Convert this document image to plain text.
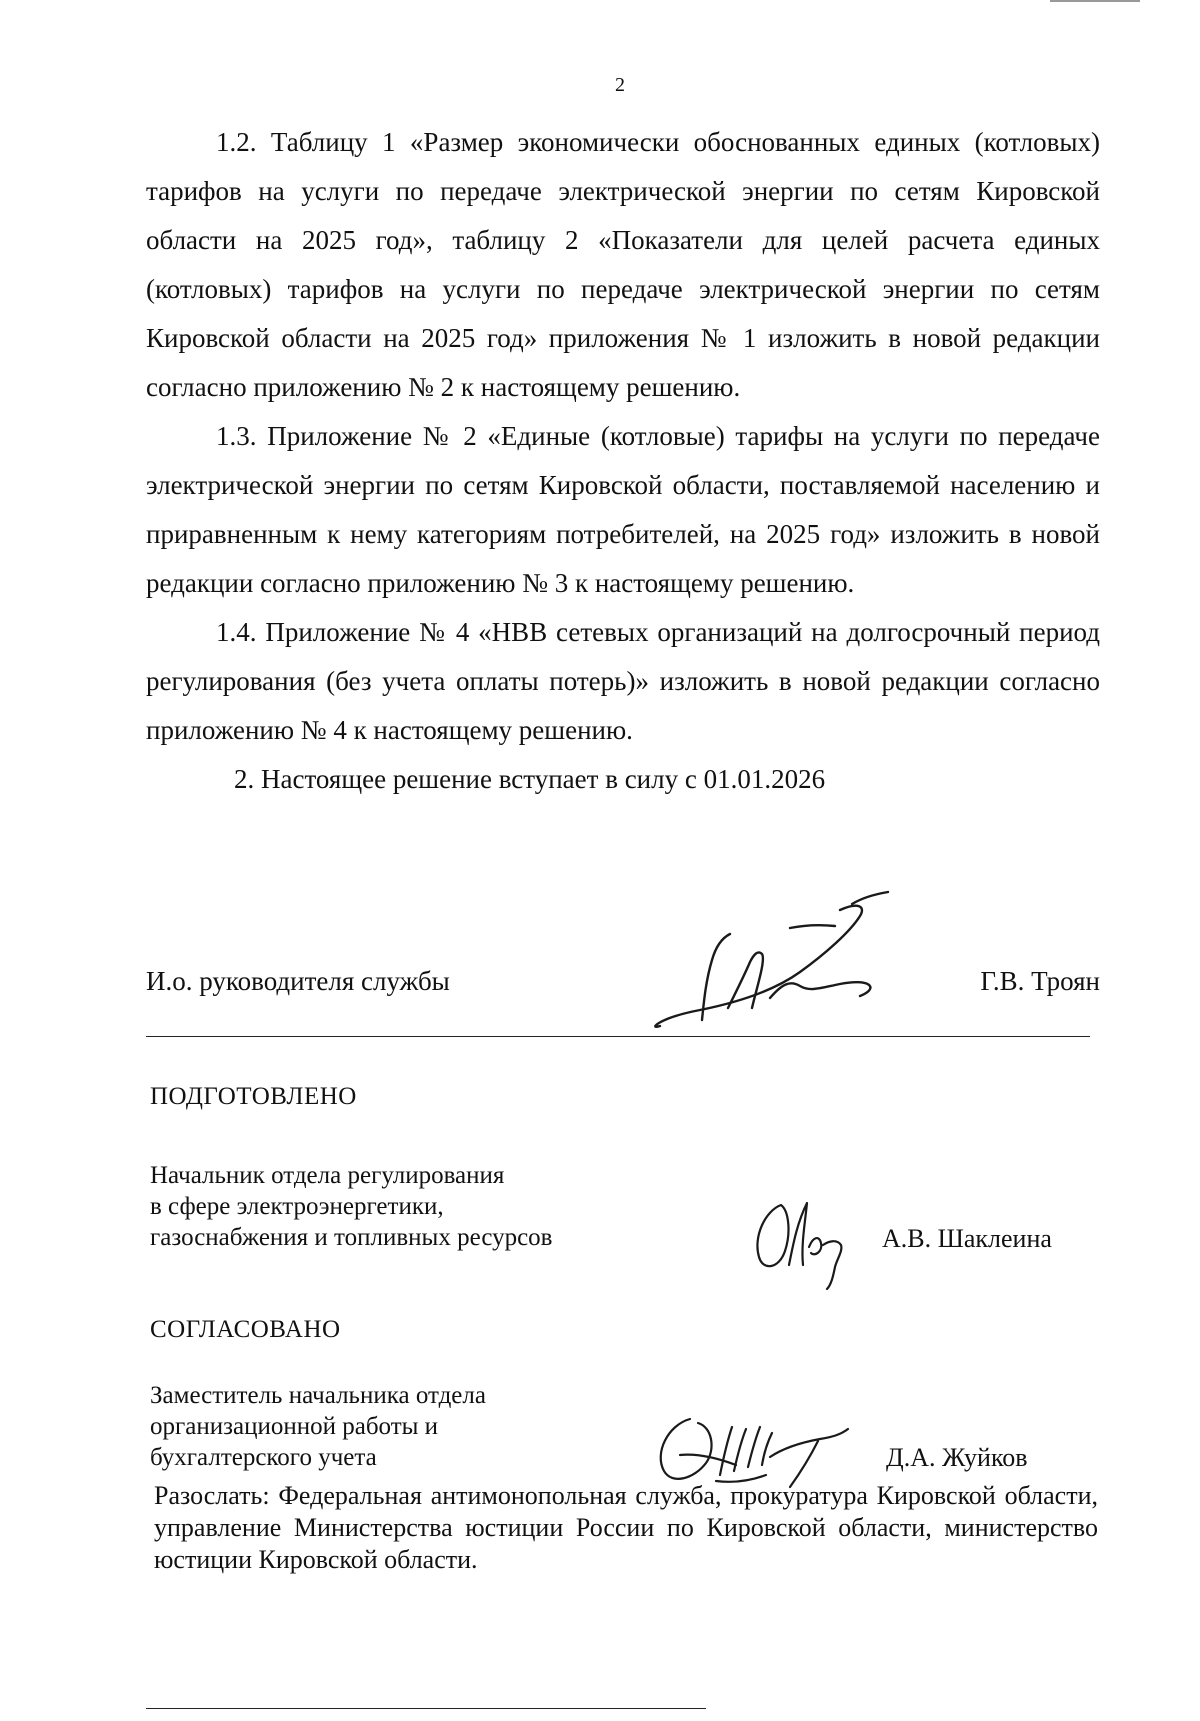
2

1.2. Таблицу 1 «Размер экономически обоснованных единых (котловых) тарифов на услуги по передаче электрической энергии по сетям Кировской области на 2025 год», таблицу 2 «Показатели для целей расчета единых (котловых) тарифов на услуги по передаче электрической энергии по сетям Кировской области на 2025 год» приложения № 1 изложить в новой редакции согласно приложению № 2 к настоящему решению.

1.3. Приложение № 2 «Единые (котловые) тарифы на услуги по передаче электрической энергии по сетям Кировской области, поставляемой населению и приравненным к нему категориям потребителей, на 2025 год» изложить в новой редакции согласно приложению № 3 к настоящему решению.

1.4. Приложение № 4 «НВВ сетевых организаций на долгосрочный период регулирования (без учета оплаты потерь)» изложить в новой редакции согласно приложению № 4 к настоящему решению.

2. Настоящее решение вступает в силу с 01.01.2026

И.о. руководителя службы	Г.В. Троян
ПОДГОТОВЛЕНО
Начальник отдела регулирования
в сфере электроэнергетики,
газоснабжения и топливных ресурсов	А.В. Шаклеина
СОГЛАСОВАНО
Заместитель начальника отдела
организационной работы и
бухгалтерского учета	Д.А. Жуйков
Разослать: Федеральная антимонопольная служба, прокуратура Кировской области, управление Министерства юстиции России по Кировской области, министерство юстиции Кировской области.
